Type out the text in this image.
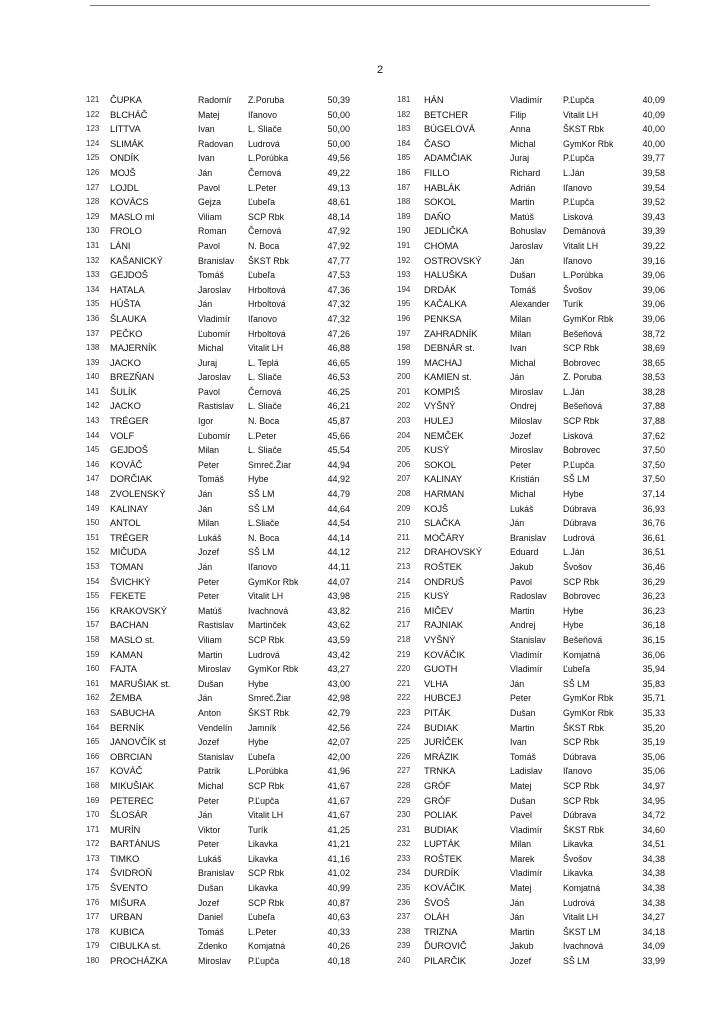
2
121	ČUPKA	Radomír	Z.Poruba	50,39
122	BLCHÁČ	Matej	Iľanovo	50,00
123	LITTVA	Ivan	L. Sliače	50,00
124	SLIMÁK	Radovan	Ludrová	50,00
125	ONDÍK	Ivan	L.Porúbka	49,56
126	MOJŠ	Ján	Černová	49,22
127	LOJDL	Pavol	L.Peter	49,13
128	KOVÁCS	Gejza	Ľubeľa	48,61
129	MASLO ml	Viliam	SCP Rbk	48,14
130	FROLO	Roman	Černová	47,92
131	LÁNI	Pavol	N. Boca	47,92
132	KAŠANICKÝ	Branislav	ŠKST Rbk	47,77
133	GEJDOŠ	Tomáš	Ľubeľa	47,53
134	HATALA	Jaroslav	Hrboltová	47,36
135	HÚŠTA	Ján	Hrboltová	47,32
136	ŠLAUKA	Vladimír	Iľanovo	47,32
137	PEČKO	Ľubomír	Hrboltová	47,26
138	MAJERNÍK	Michal	Vitalit LH	46,88
139	JACKO	Juraj	L. Teplá	46,65
140	BREZŇAN	Jaroslav	L. Sliače	46,53
141	ŠULÍK	Pavol	Černová	46,25
142	JACKO	Rastislav	L. Sliače	46,21
143	TRÉGER	Igor	N. Boca	45,87
144	VOLF	Ľubomír	L.Peter	45,66
145	GEJDOŠ	Milan	L. Sliače	45,54
146	KOVÁČ	Peter	Smreč.Žiar	44,94
147	DORČIAK	Tomáš	Hybe	44,92
148	ZVOLENSKÝ	Ján	SŠ LM	44,79
149	KALINAY	Ján	SŠ LM	44,64
150	ANTOL	Milan	L.Sliače	44,54
151	TRÉGER	Lukáš	N. Boca	44,14
152	MIČUDA	Jozef	SŠ LM	44,12
153	TOMAN	Ján	Iľanovo	44,11
154	ŠVICHKÝ	Peter	GymKor Rbk	44,07
155	FEKETE	Peter	Vitalit LH	43,98
156	KRAKOVSKÝ	Matúš	Ivachnová	43,82
157	BACHAN	Rastislav	Martinček	43,62
158	MASLO st.	Viliam	SCP Rbk	43,59
159	KAMAN	Martin	Ludrová	43,42
160	FAJTA	Miroslav	GymKor Rbk	43,27
161	MARUŠIAK st.	Dušan	Hybe	43,00
162	ŽEMBA	Ján	Smreč.Žiar	42,98
163	SABUCHA	Anton	ŠKST Rbk	42,79
164	BERNÍK	Vendelín	Jamník	42,56
165	JANOVČÍK st	Jozef	Hybe	42,07
166	OBRCIAN	Stanislav	Ľubeľa	42,00
167	KOVÁČ	Patrik	L.Porúbka	41,96
168	MIKUŠIAK	Michal	SCP Rbk	41,67
169	PETEREC	Peter	P.Ľupča	41,67
170	ŠLOSÁR	Ján	Vitalit LH	41,67
171	MURÍN	Viktor	Turík	41,25
172	BARTÁNUS	Peter	Likavka	41,21
173	TIMKO	Lukáš	Likavka	41,16
174	ŠVIDROŇ	Branislav	SCP Rbk	41,02
175	ŠVENTO	Dušan	Likavka	40,99
176	MIŠURA	Jozef	SCP Rbk	40,87
177	URBAN	Daniel	Ľubeľa	40,63
178	KUBICA	Tomáš	L.Peter	40,33
179	CIBULKA st.	Zdenko	Komjatná	40,26
180	PROCHÁZKA	Miroslav	P.Ľupča	40,18
181	HÁN	Vladimír	P.Ľupča	40,09
182	BETCHER	Filip	Vitalit LH	40,09
183	BÚGELOVÁ	Anna	ŠKST Rbk	40,00
184	ČASO	Michal	GymKor Rbk	40,00
185	ADAMČIAK	Juraj	P.Ľupča	39,77
186	FILLO	Richard	L.Ján	39,58
187	HABLÁK	Adrián	Iľanovo	39,54
188	SOKOL	Martin	P.Ľupča	39,52
189	DAŇO	Matúš	Lisková	39,43
190	JEDLIČKA	Bohuslav	Demänová	39,39
191	CHOMA	Jaroslav	Vitalit LH	39,22
192	OSTROVSKÝ	Ján	Iľanovo	39,16
193	HALUŠKA	Dušan	L.Porúbka	39,06
194	DRDÁK	Tomáš	Švošov	39,06
195	KAČALKA	Alexander	Turík	39,06
196	PENKSA	Milan	GymKor Rbk	39,06
197	ZAHRADNÍK	Milan	Bešeňová	38,72
198	DEBNÁR st.	Ivan	SCP Rbk	38,69
199	MACHAJ	Michal	Bobrovec	38,65
200	KAMIEN st.	Ján	Z. Poruba	38,53
201	KOMPIŠ	Miroslav	L.Ján	38,28
202	VYŠNÝ	Ondrej	Bešeňová	37,88
203	HULEJ	Miloslav	SCP Rbk	37,88
204	NEMČEK	Jozef	Lisková	37,62
205	KUSÝ	Miroslav	Bobrovec	37,50
206	SOKOL	Peter	P.Ľupča	37,50
207	KALINAY	Kristián	SŠ LM	37,50
208	HARMAN	Michal	Hybe	37,14
209	KOJŠ	Lukáš	Dúbrava	36,93
210	SLAČKA	Ján	Dúbrava	36,76
211	MOČÁRY	Branislav	Ludrová	36,61
212	DRAHOVSKÝ	Eduard	L.Ján	36,51
213	ROŠTEK	Jakub	Švošov	36,46
214	ONDRUŠ	Pavol	SCP Rbk	36,29
215	KUSÝ	Radoslav	Bobrovec	36,23
216	MIČEV	Martin	Hybe	36,23
217	RAJNIAK	Andrej	Hybe	36,18
218	VYŠNÝ	Stanislav	Bešeňová	36,15
219	KOVÁČIK	Vladimír	Komjatná	36,06
220	GUOTH	Vladimír	Ľubeľa	35,94
221	VLHA	Ján	SŠ LM	35,83
222	HUBCEJ	Peter	GymKor Rbk	35,71
223	PITÁK	Dušan	GymKor Rbk	35,33
224	BUDIAK	Martin	ŠKST Rbk	35,20
225	JURÍČEK	Ivan	SCP Rbk	35,19
226	MRÁZIK	Tomáš	Dúbrava	35,06
227	TRNKA	Ladislav	Iľanovo	35,06
228	GRÓF	Matej	SCP Rbk	34,97
229	GRÓF	Dušan	SCP Rbk	34,95
230	POLIAK	Pavel	Dúbrava	34,72
231	BUDIAK	Vladimír	ŠKST Rbk	34,60
232	LUPTÁK	Milan	Likavka	34,51
233	ROŠTEK	Marek	Švošov	34,38
234	DURDÍK	Vladimír	Likavka	34,38
235	KOVÁČIK	Matej	Komjatná	34,38
236	ŠVOŠ	Ján	Ludrová	34,38
237	OLÁH	Ján	Vitalit LH	34,27
238	TRIZNA	Martin	ŠKST LM	34,18
239	ĎUROVIČ	Jakub	Ivachnová	34,09
240	PILARČIK	Jozef	SŠ LM	33,99
